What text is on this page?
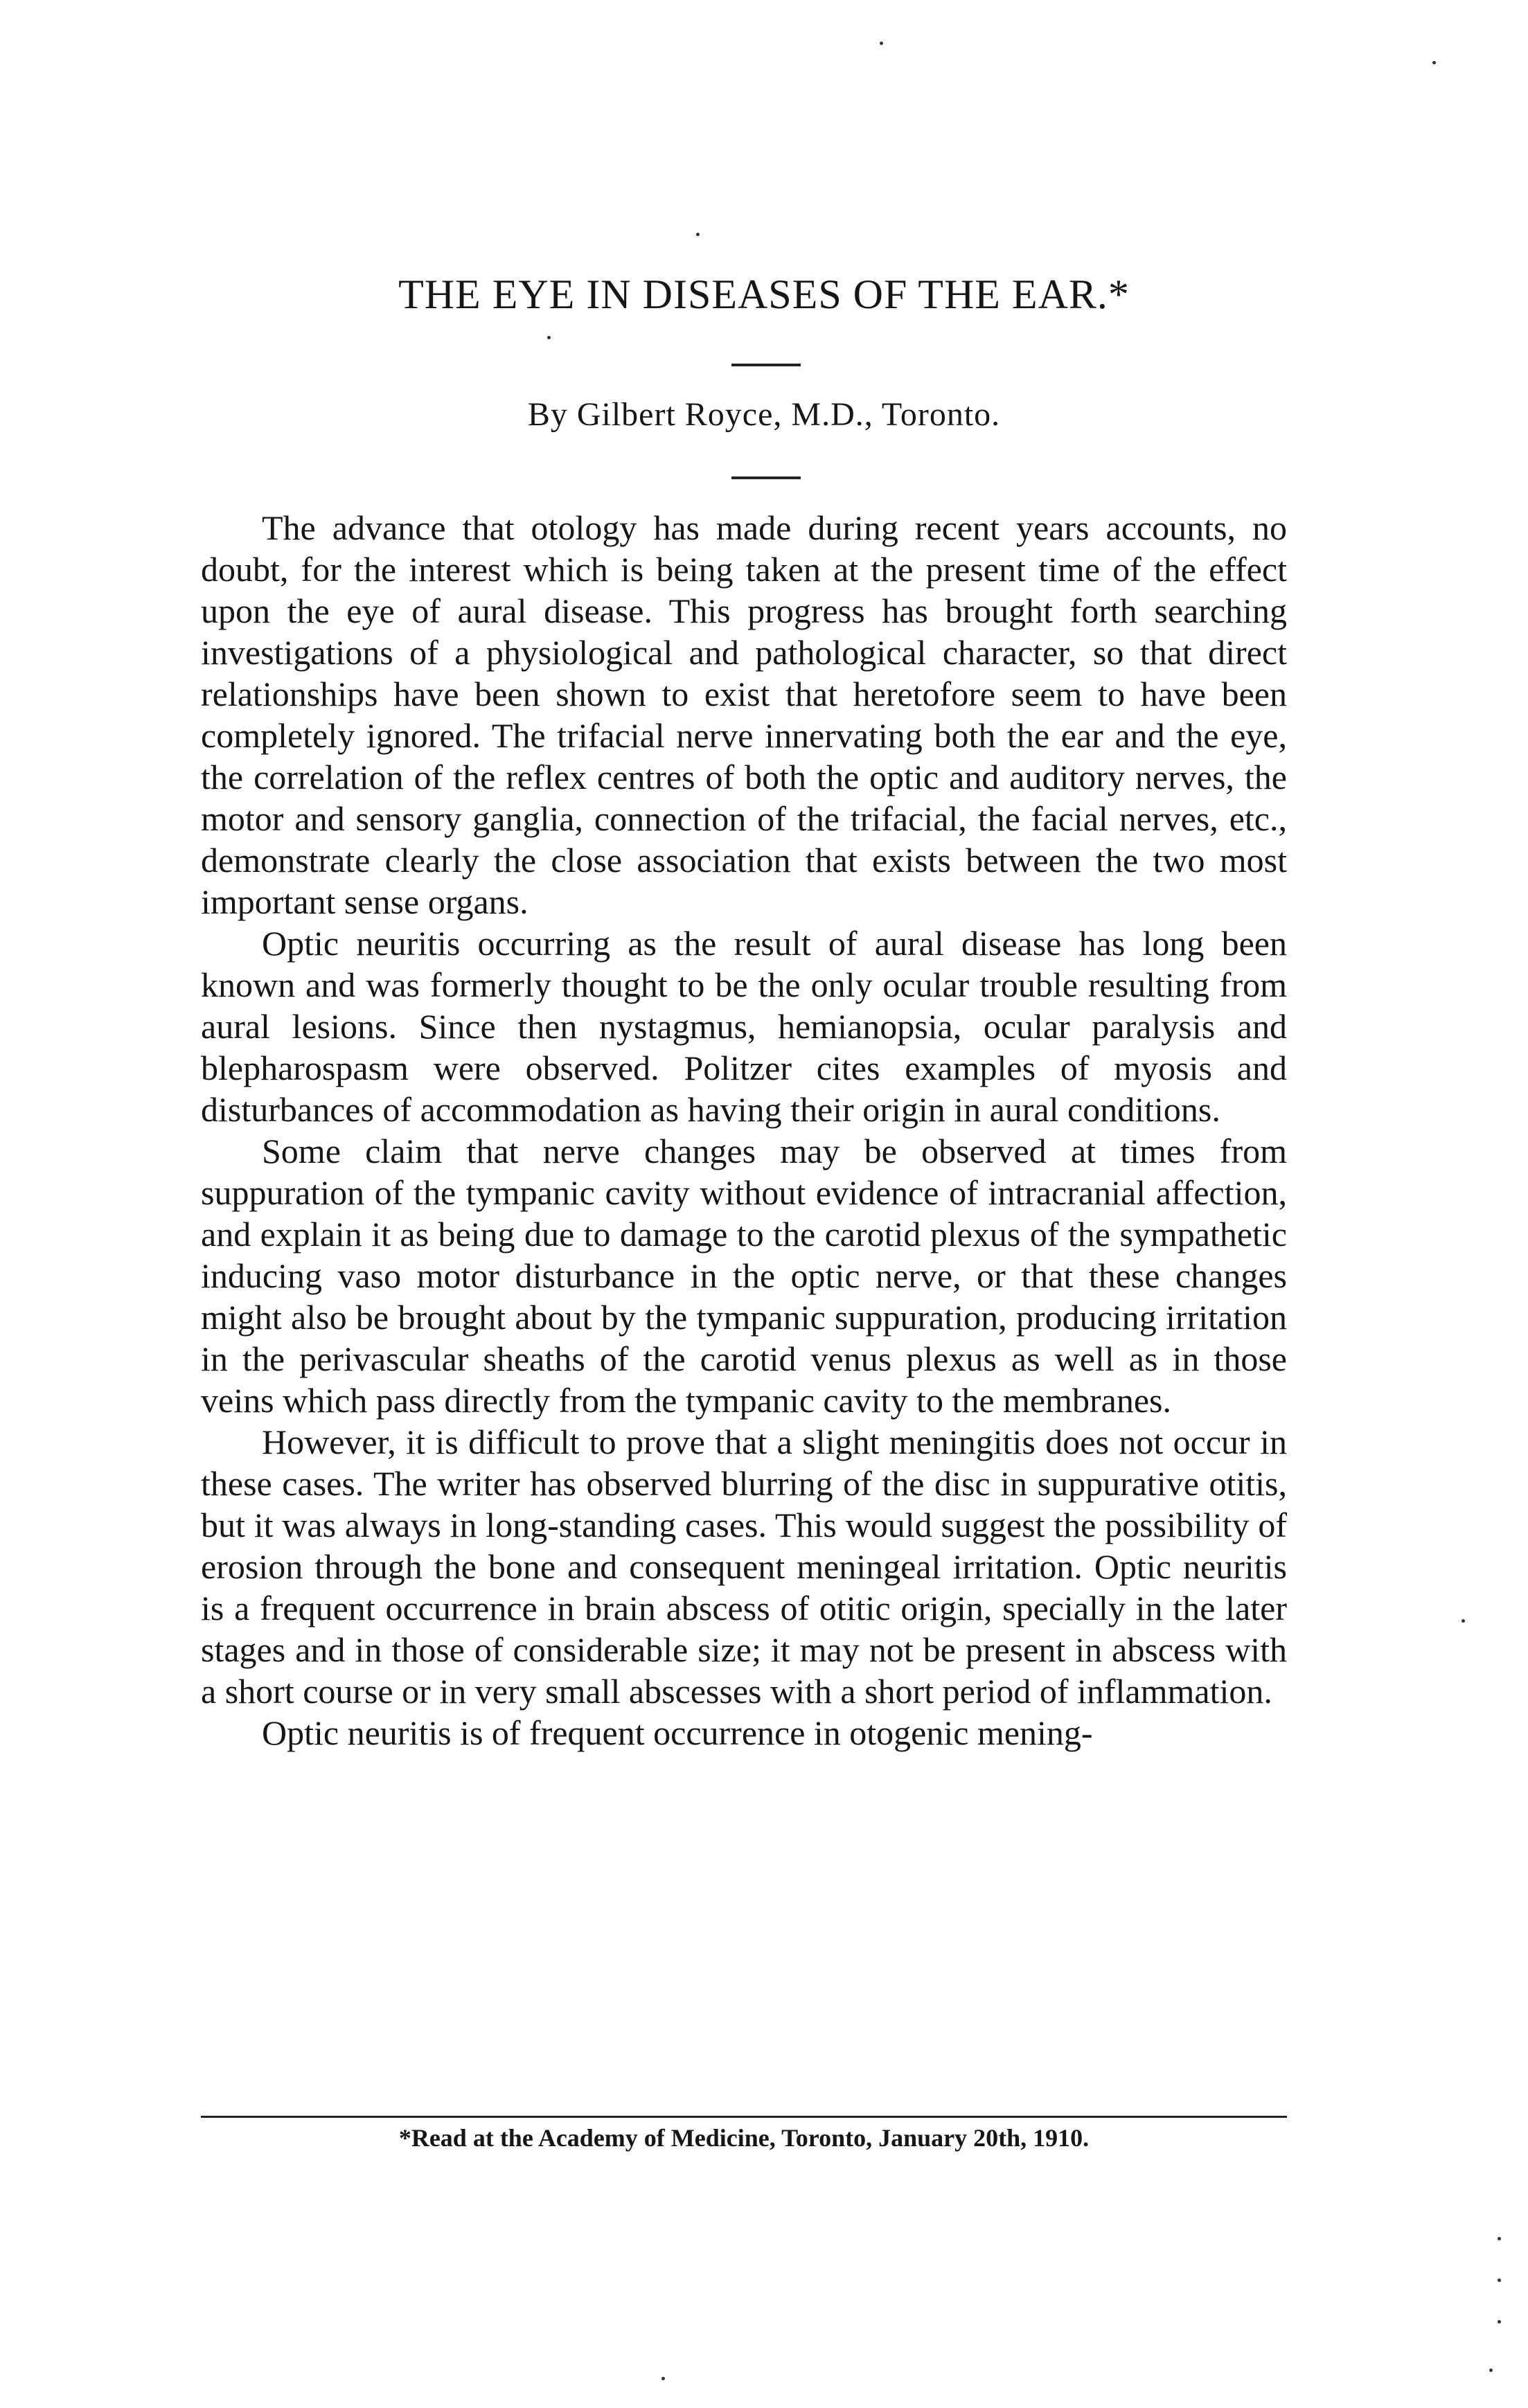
THE EYE IN DISEASES OF THE EAR.*
By Gilbert Royce, M.D., Toronto.

The advance that otology has made during recent years accounts, no doubt, for the interest which is being taken at the present time of the effect upon the eye of aural disease. This progress has brought forth searching investigations of a physiological and pathological character, so that direct relationships have been shown to exist that heretofore seem to have been completely ignored. The trifacial nerve innervating both the ear and the eye, the correlation of the reflex centres of both the optic and auditory nerves, the motor and sensory ganglia, connection of the trifacial, the facial nerves, etc., demonstrate clearly the close association that exists between the two most important sense organs.

Optic neuritis occurring as the result of aural disease has long been known and was formerly thought to be the only ocular trouble resulting from aural lesions. Since then nystagmus, hemianopsia, ocular paralysis and blepharospasm were observed. Politzer cites examples of myosis and disturbances of accommodation as having their origin in aural conditions.

Some claim that nerve changes may be observed at times from suppuration of the tympanic cavity without evidence of intracranial affection, and explain it as being due to damage to the carotid plexus of the sympathetic inducing vaso motor disturbance in the optic nerve, or that these changes might also be brought about by the tympanic suppuration, producing irritation in the perivascular sheaths of the carotid venus plexus as well as in those veins which pass directly from the tympanic cavity to the membranes.

However, it is difficult to prove that a slight meningitis does not occur in these cases. The writer has observed blurring of the disc in suppurative otitis, but it was always in long-standing cases. This would suggest the possibility of erosion through the bone and consequent meningeal irritation. Optic neuritis is a frequent occurrence in brain abscess of otitic origin, specially in the later stages and in those of considerable size; it may not be present in abscess with a short course or in very small abscesses with a short period of inflammation.

Optic neuritis is of frequent occurrence in otogenic mening-

*Read at the Academy of Medicine, Toronto, January 20th, 1910.
